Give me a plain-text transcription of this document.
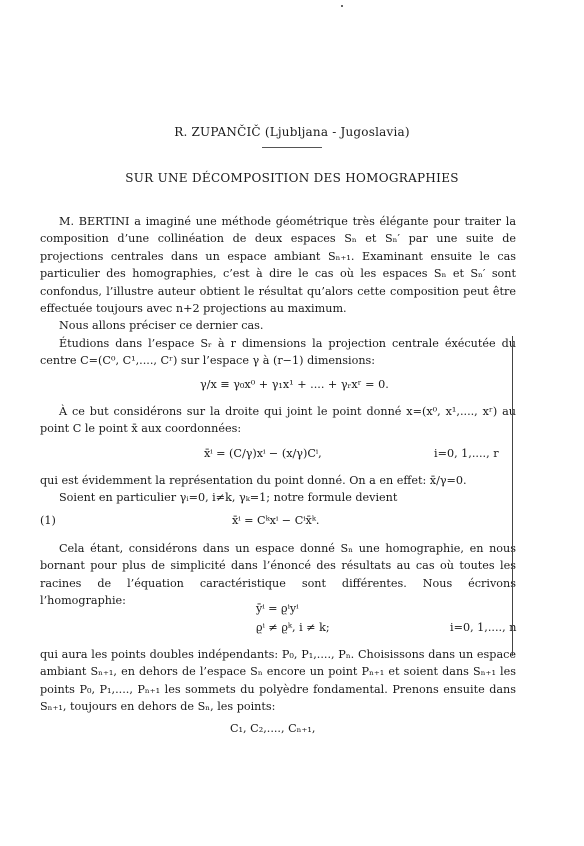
R. ZUPANČIČ (Ljubljana - Jugoslavia)
SUR UNE DÉCOMPOSITION DES HOMOGRAPHIES

M. BERTINI a imaginé une méthode géométrique très élégante pour traiter la composition d’une collinéation de deux espaces Sₙ et Sₙ′ par une suite de projections centrales dans un espace ambiant Sₙ₊₁. Examinant ensuite le cas particulier des homographies, c’est à dire le cas où les espaces Sₙ et Sₙ′ sont confondus, l’illustre auteur obtient le résultat qu’alors cette composition peut être effectuée toujours avec n+2 projections au maximum.

Nous allons préciser ce dernier cas.

Étudions dans l’espace Sᵣ à r dimensions la projection centrale éxécutée du centre C=(C⁰, C¹,...., Cʳ) sur l’espace γ à (r−1) dimensions:

γ/x ≡ γ₀x⁰ + γ₁x¹ + .... + γᵣxʳ = 0.

À ce but considérons sur la droite qui joint le point donné x=(x⁰, x¹,...., xʳ) au point C le point x̄ aux coordonnées:

x̄ⁱ = (C/γ)xⁱ − (x/γ)Cⁱ,	i=0, 1,...., r

qui est évidemment la représentation du point donné. On a en effet: x̄/γ=0.

Soient en particulier γᵢ=0, i≠k, γₖ=1; notre formule devient

(1)	x̄ⁱ = Cᵏxⁱ − Cⁱx̄ᵏ.

Cela étant, considérons dans un espace donné Sₙ une homographie, en nous bornant pour plus de simplicité dans l’énoncé des résultats au cas où toutes les racines de l’équation caractéristique sont différentes. Nous écrivons l’homographie:

ȳⁱ = ϱⁱyⁱ
ϱⁱ ≠ ϱᵏ, i ≠ k;	i=0, 1,...., n

qui aura les points doubles indépendants: P₀, P₁,...., Pₙ. Choisissons dans un espace ambiant Sₙ₊₁, en dehors de l’espace Sₙ encore un point Pₙ₊₁ et soient dans Sₙ₊₁ les points P₀, P₁,...., Pₙ₊₁ les sommets du polyèdre fondamental. Prenons ensuite dans Sₙ₊₁, toujours en dehors de Sₙ, les points:

C₁, C₂,...., Cₙ₊₁,
